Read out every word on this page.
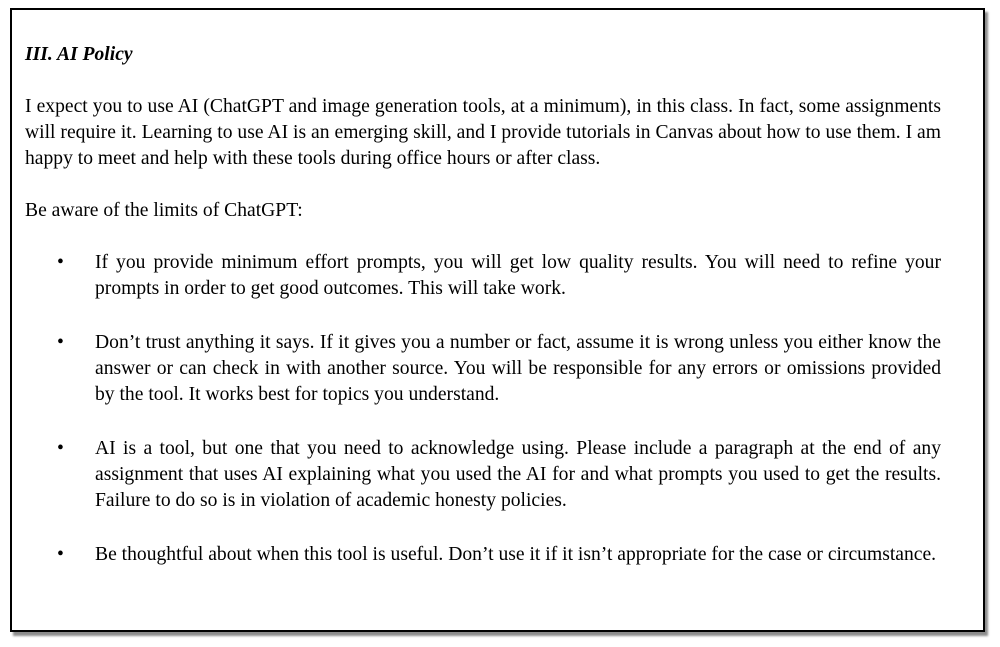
III. AI Policy

I expect you to use AI (ChatGPT and image generation tools, at a minimum), in this class. In fact, some assignments will require it. Learning to use AI is an emerging skill, and I provide tutorials in Canvas about how to use them. I am happy to meet and help with these tools during office hours or after class.

Be aware of the limits of ChatGPT:

• If you provide minimum effort prompts, you will get low quality results. You will need to refine your prompts in order to get good outcomes. This will take work.
• Don’t trust anything it says. If it gives you a number or fact, assume it is wrong unless you either know the answer or can check in with another source. You will be responsible for any errors or omissions provided by the tool. It works best for topics you understand.
• AI is a tool, but one that you need to acknowledge using. Please include a paragraph at the end of any assignment that uses AI explaining what you used the AI for and what prompts you used to get the results. Failure to do so is in violation of academic honesty policies.
• Be thoughtful about when this tool is useful. Don’t use it if it isn’t appropriate for the case or circumstance.
